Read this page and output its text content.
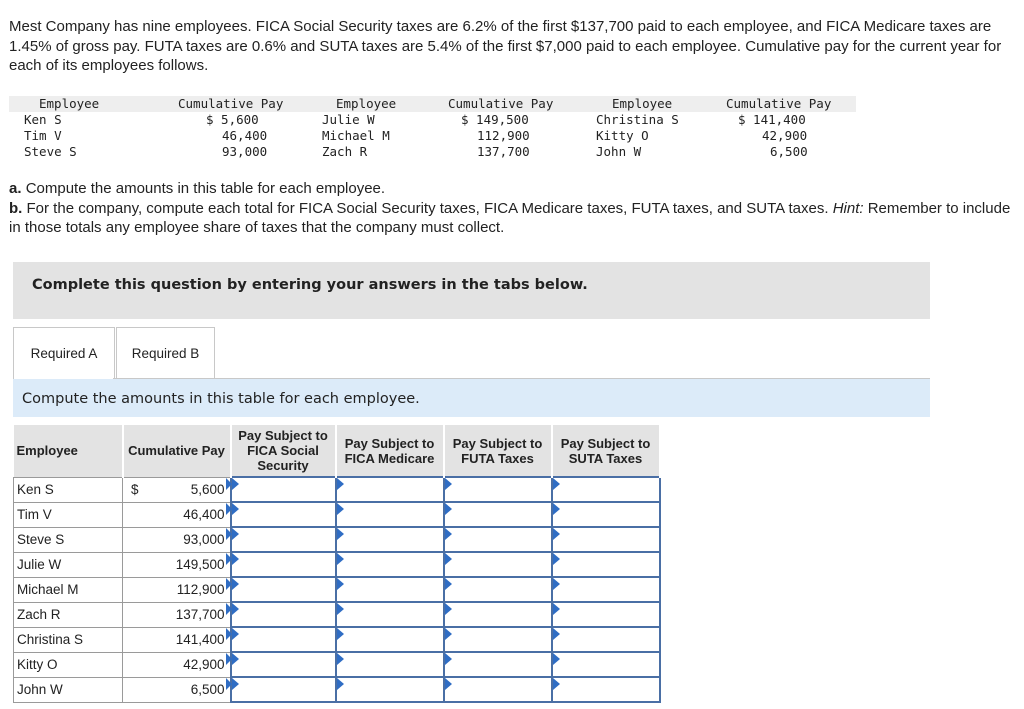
Mest Company has nine employees. FICA Social Security taxes are 6.2% of the first $137,700 paid to each employee, and FICA Medicare taxes are 1.45% of gross pay. FUTA taxes are 0.6% and SUTA taxes are 5.4% of the first $7,000 paid to each employee. Cumulative pay for the current year for each of its employees follows.
Employee	Cumulative Pay	Employee	Cumulative Pay	Employee	Cumulative Pay
Ken S	$ 5,600	Julie W	$ 149,500	Christina S	$ 141,400
Tim V	46,400	Michael M	112,900	Kitty O	42,900
Steve S	93,000	Zach R	137,700	John W	6,500
a. Compute the amounts in this table for each employee.
b. For the company, compute each total for FICA Social Security taxes, FICA Medicare taxes, FUTA taxes, and SUTA taxes. Hint: Remember to include in those totals any employee share of taxes that the company must collect.
Complete this question by entering your answers in the tabs below.
Required A	Required B
Compute the amounts in this table for each employee.
Employee	Cumulative Pay	Pay Subject to FICA Social Security	Pay Subject to FICA Medicare	Pay Subject to FUTA Taxes	Pay Subject to SUTA Taxes
Ken S	$ 5,600

Tim V	46,400

Steve S	93,000

Julie W	149,500

Michael M	112,900

Zach R	137,700

Christina S	141,400

Kitty O	42,900

John W	6,500
